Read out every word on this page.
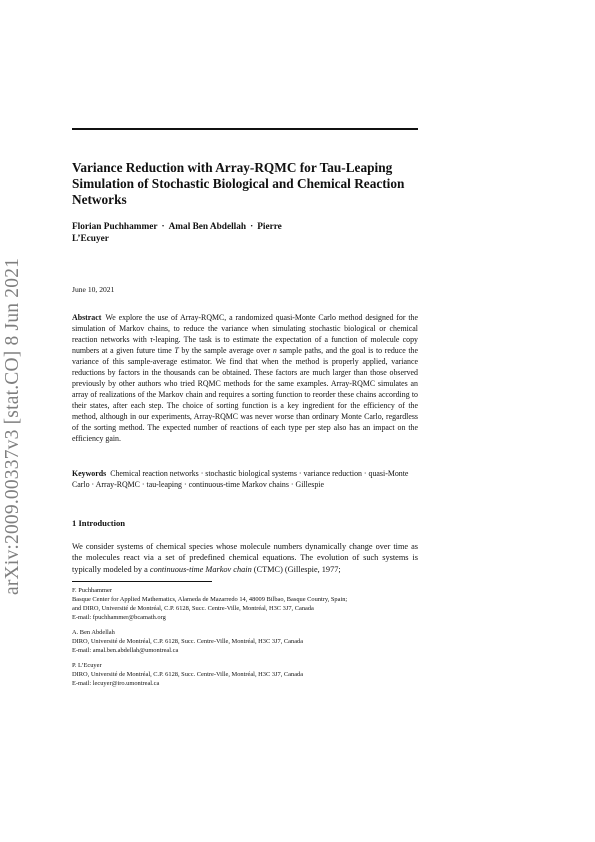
arXiv:2009.00337v3 [stat.CO] 8 Jun 2021
Variance Reduction with Array-RQMC for Tau-Leaping Simulation of Stochastic Biological and Chemical Reaction Networks
Florian Puchhammer · Amal Ben Abdellah · Pierre
L’Ecuyer
June 10, 2021

Abstract We explore the use of Array-RQMC, a randomized quasi-Monte Carlo method designed for the simulation of Markov chains, to reduce the variance when simulating stochastic biological or chemical reaction networks with τ-leaping. The task is to estimate the expectation of a function of molecule copy numbers at a given future time T by the sample average over n sample paths, and the goal is to reduce the variance of this sample-average estimator. We find that when the method is properly applied, variance reductions by factors in the thousands can be obtained. These factors are much larger than those observed previously by other authors who tried RQMC methods for the same examples. Array-RQMC simulates an array of realizations of the Markov chain and requires a sorting function to reorder these chains according to their states, after each step. The choice of sorting function is a key ingredient for the efficiency of the method, although in our experiments, Array-RQMC was never worse than ordinary Monte Carlo, regardless of the sorting method. The expected number of reactions of each type per step also has an impact on the efficiency gain.

Keywords Chemical reaction networks · stochastic biological systems · variance reduction · quasi-Monte Carlo · Array-RQMC · tau-leaping · continuous-time Markov chains · Gillespie

1 Introduction

We consider systems of chemical species whose molecule numbers dynamically change over time as the molecules react via a set of predefined chemical equations. The evolution of such systems is typically modeled by a continuous-time Markov chain (CTMC) (Gillespie, 1977;

F. Puchhammer
Basque Center for Applied Mathematics, Alameda de Mazarredo 14, 48009 Bilbao, Basque Country, Spain;
and DIRO, Université de Montréal, C.P. 6128, Succ. Centre-Ville, Montréal, H3C 3J7, Canada
E-mail: fpuchhammer@bcamath.org
A. Ben Abdellah
DIRO, Université de Montréal, C.P. 6128, Succ. Centre-Ville, Montréal, H3C 3J7, Canada
E-mail: amal.ben.abdellah@umontreal.ca
P. L’Ecuyer
DIRO, Université de Montréal, C.P. 6128, Succ. Centre-Ville, Montréal, H3C 3J7, Canada
E-mail: lecuyer@iro.umontreal.ca
